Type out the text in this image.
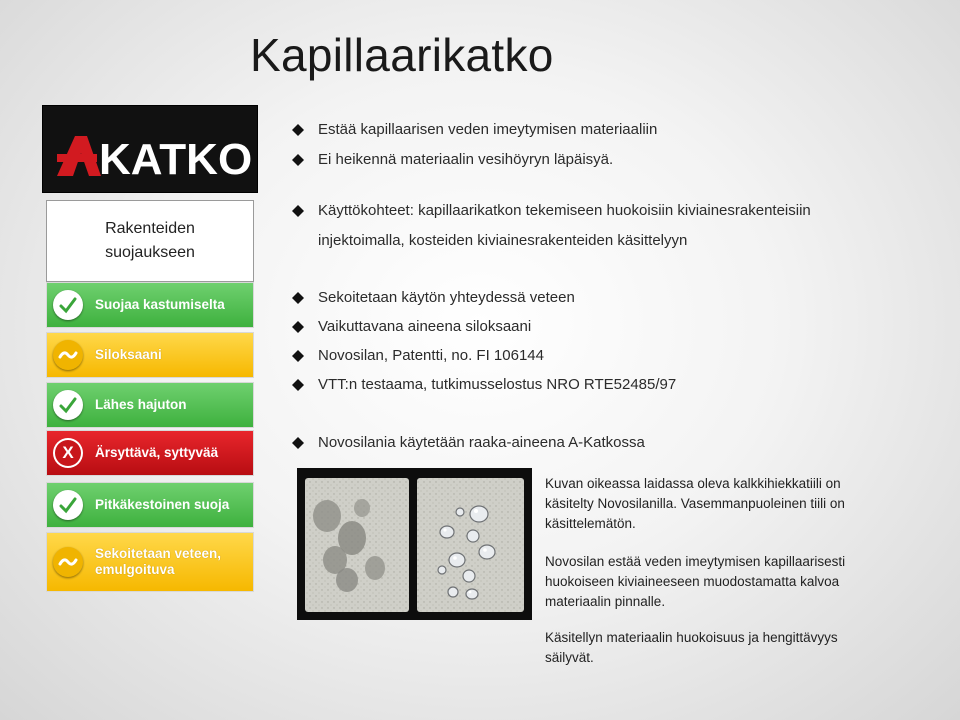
Kapillaarikatko
KATKO
Rakenteiden
suojaukseen
Suojaa kastumiselta
Siloksaani
Lähes hajuton
X	Ärsyttävä, syttyvää
Pitkäkestoinen suoja
Sekoitetaan veteen, emulgoituva
Estää kapillaarisen veden imeytymisen materiaaliin
Ei heikennä materiaalin vesihöyryn läpäisyä.
Käyttökohteet: kapillaarikatkon tekemiseen huokoisiin kiviainesrakenteisiin
injektoimalla, kosteiden kiviainesrakenteiden käsittelyyn
Sekoitetaan käytön yhteydessä veteen
Vaikuttavana aineena siloksaani
Novosilan, Patentti, no. FI 106144
VTT:n testaama, tutkimusselostus NRO RTE52485/97
Novosilania käytetään raaka-aineena A-Katkossa
Kuvan oikeassa laidassa oleva kalkkihiekkatiili on käsitelty Novosilanilla. Vasemmanpuoleinen tiili on käsittelemätön.
Novosilan estää veden imeytymisen kapillaarisesti huokoiseen kiviaineeseen muodostamatta kalvoa materiaalin pinnalle.
Käsitellyn materiaalin huokoisuus ja hengittävyys säilyvät.
